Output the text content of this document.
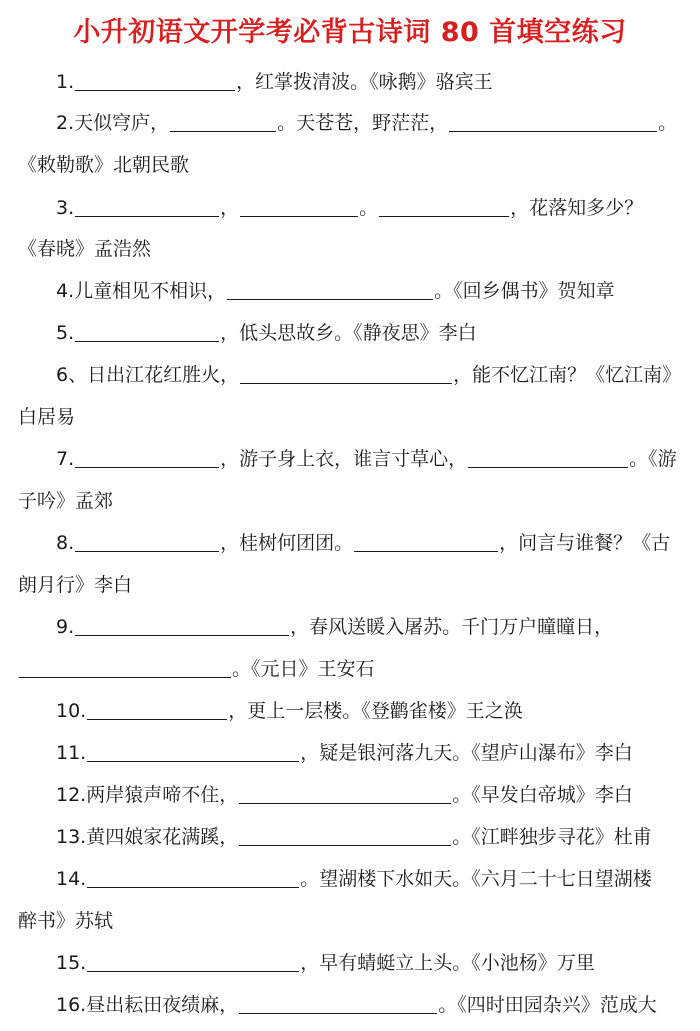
小升初语文开学考必背古诗词 80 首填空练习
1.	，红掌拨清波。《咏鹅》骆宾王
2.天似穹庐，	。天苍苍，野茫茫，	。
《敕勒歌》北朝民歌
3.	，	。	，花落知多少？
《春晓》孟浩然
4.儿童相见不相识，	。《回乡偶书》贺知章
5.	，低头思故乡。《静夜思》李白
6、日出江花红胜火，	，能不忆江南？《忆江南》
白居易
7.	，游子身上衣，谁言寸草心，	。《游
子吟》孟郊
8.	，桂树何团团。	，问言与谁餐？《古
朗月行》李白
9.	，春风送暖入屠苏。千门万户曈曈日，
。《元日》王安石
10.	，更上一层楼。《登鹳雀楼》王之涣
11.	，疑是银河落九天。《望庐山瀑布》李白
12.两岸猿声啼不住，	。《早发白帝城》李白
13.黄四娘家花满蹊，	。《江畔独步寻花》杜甫
14.	。望湖楼下水如天。《六月二十七日望湖楼
醉书》苏轼
15.	，早有蜻蜓立上头。《小池杨》万里
16.昼出耘田夜绩麻，	。《四时田园杂兴》范成大
